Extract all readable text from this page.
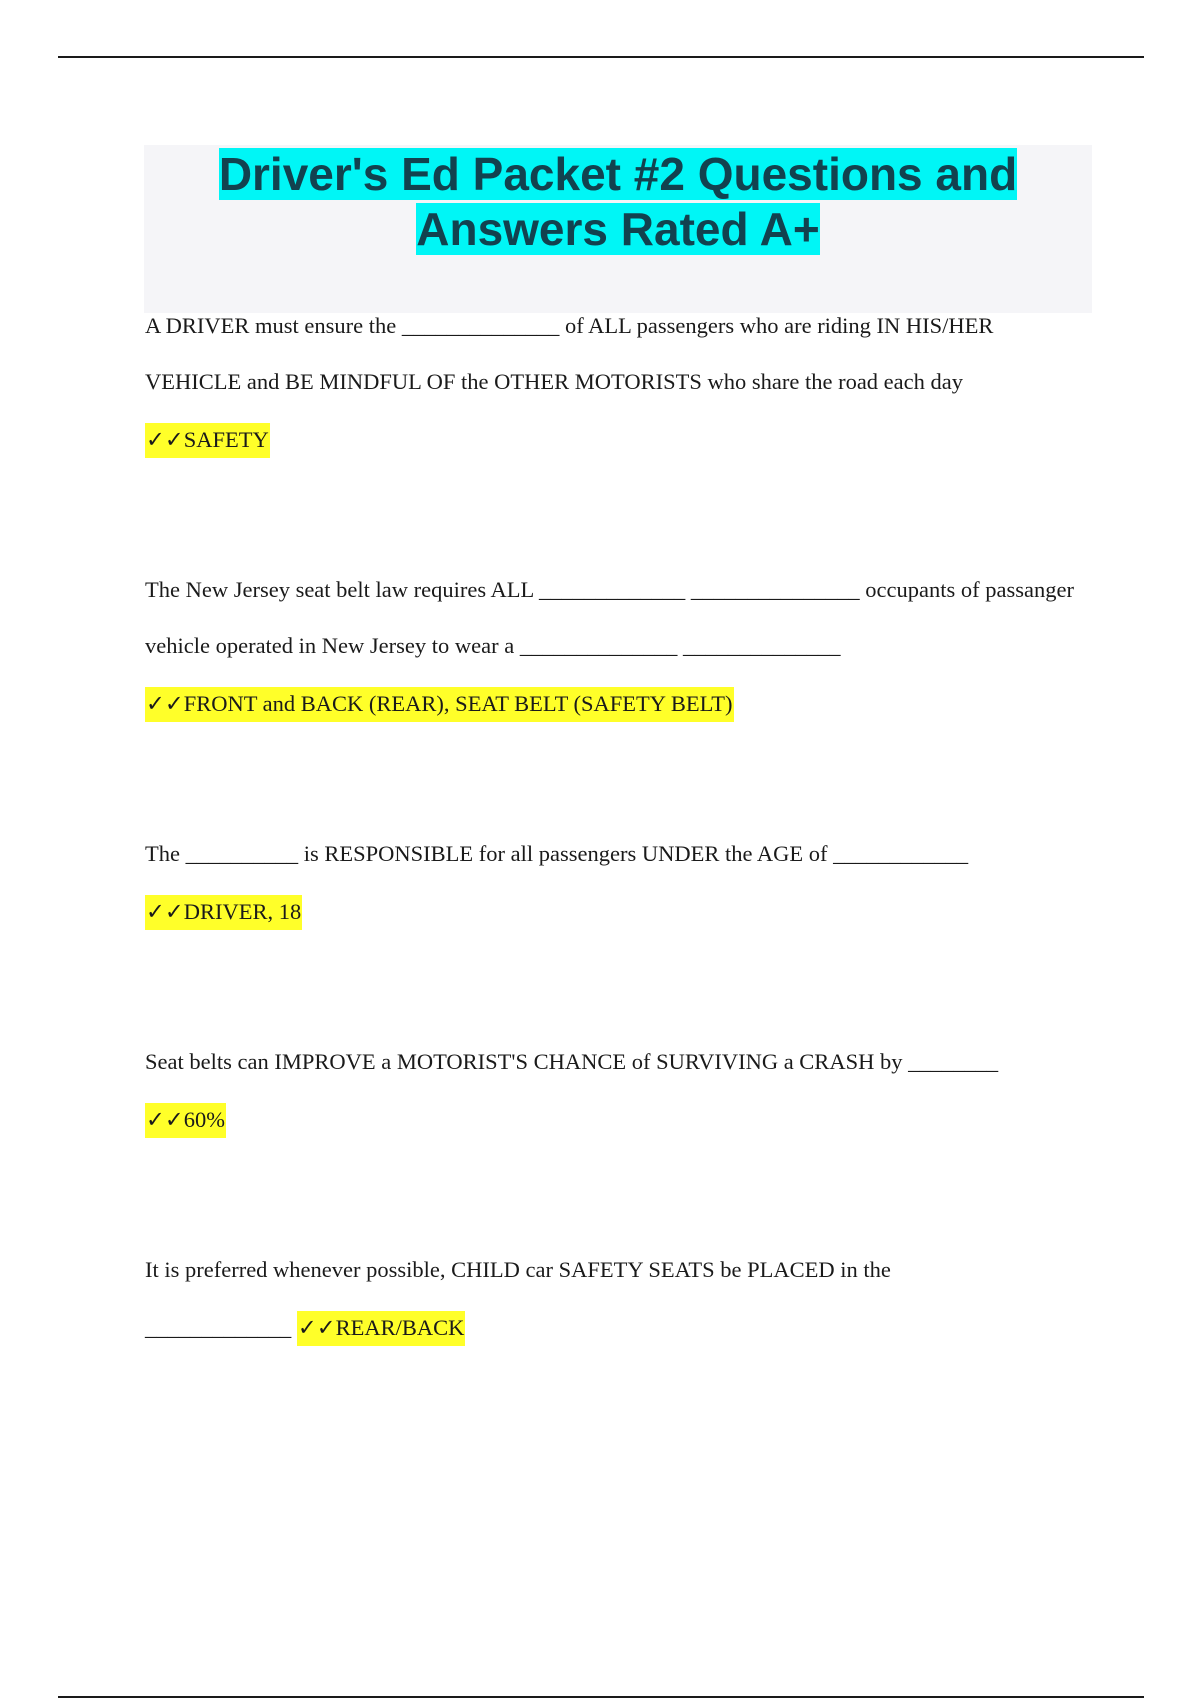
Driver's Ed Packet #2 Questions and
Answers Rated A+

A DRIVER must ensure the ______________ of ALL passengers who are riding IN HIS/HER VEHICLE and BE MINDFUL OF the OTHER MOTORISTS who share the road each day

✓✓SAFETY

The New Jersey seat belt law requires ALL _____________ _______________ occupants of passanger vehicle operated in New Jersey to wear a ______________ ______________

✓✓FRONT and BACK (REAR), SEAT BELT (SAFETY BELT)

The __________ is RESPONSIBLE for all passengers UNDER the AGE of ____________

✓✓DRIVER, 18

Seat belts can IMPROVE a MOTORIST'S CHANCE of SURVIVING a CRASH by ________

✓✓60%

It is preferred whenever possible, CHILD car SAFETY SEATS be PLACED in the

_____________ ✓✓REAR/BACK
